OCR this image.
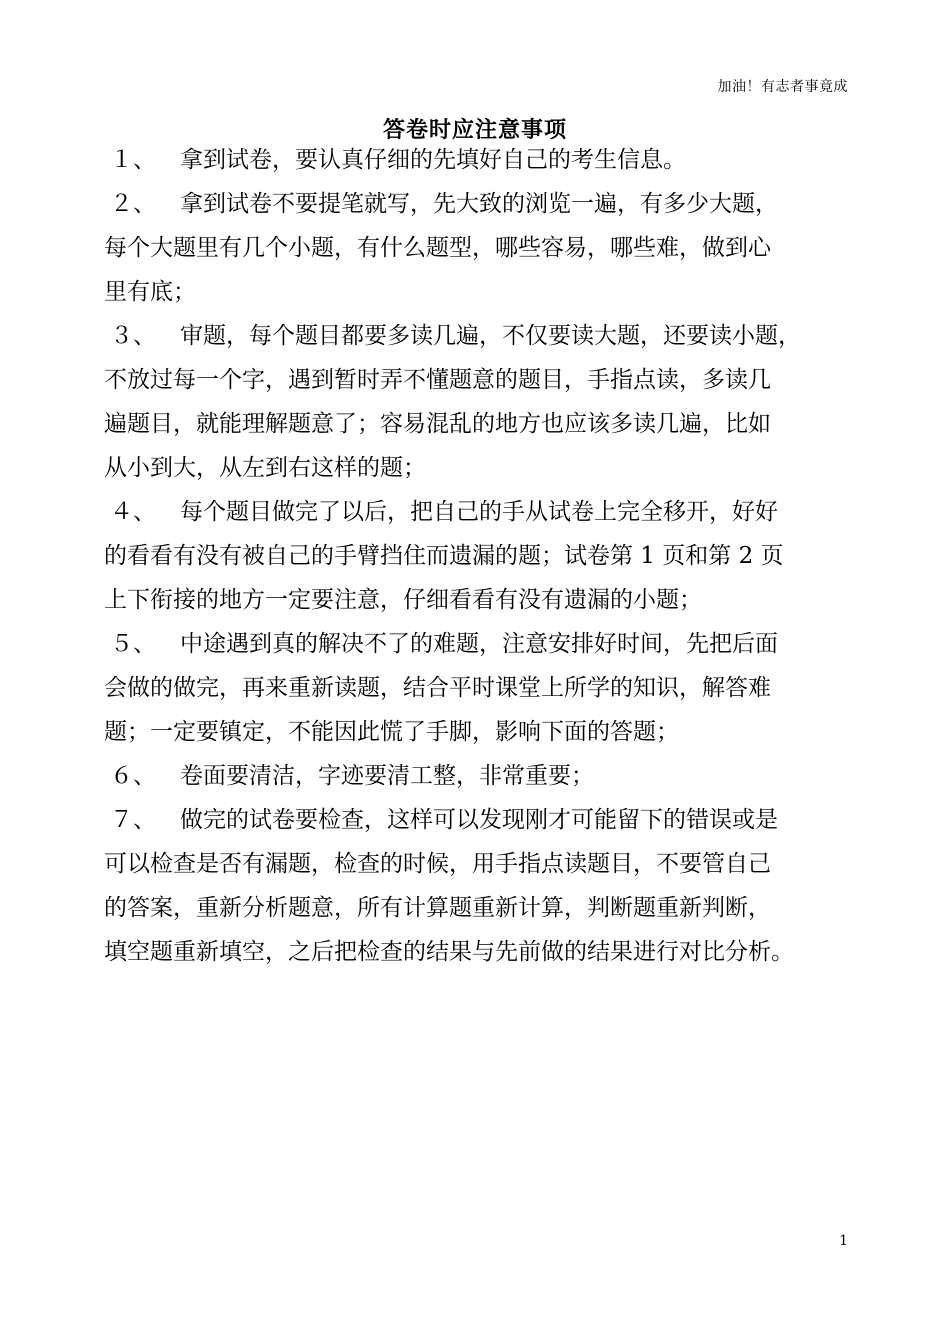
加油！有志者事竟成
答卷时应注意事项

１、 拿到试卷，要认真仔细的先填好自己的考生信息。

２、 拿到试卷不要提笔就写，先大致的浏览一遍，有多少大题，
每个大题里有几个小题，有什么题型，哪些容易，哪些难，做到心
里有底；

３、 审题，每个题目都要多读几遍，不仅要读大题，还要读小题，
不放过每一个字，遇到暂时弄不懂题意的题目，手指点读，多读几
遍题目，就能理解题意了；容易混乱的地方也应该多读几遍，比如
从小到大，从左到右这样的题；

４、 每个题目做完了以后，把自己的手从试卷上完全移开，好好
的看看有没有被自己的手臂挡住而遗漏的题；试卷第 1 页和第 2 页
上下衔接的地方一定要注意，仔细看看有没有遗漏的小题；

５、 中途遇到真的解决不了的难题，注意安排好时间，先把后面
会做的做完，再来重新读题，结合平时课堂上所学的知识，解答难
题；一定要镇定，不能因此慌了手脚，影响下面的答题；

６、 卷面要清洁，字迹要清工整，非常重要；

７、 做完的试卷要检查，这样可以发现刚才可能留下的错误或是
可以检查是否有漏题，检查的时候，用手指点读题目，不要管自己
的答案，重新分析题意，所有计算题重新计算，判断题重新判断，
填空题重新填空，之后把检查的结果与先前做的结果进行对比分析。

1
